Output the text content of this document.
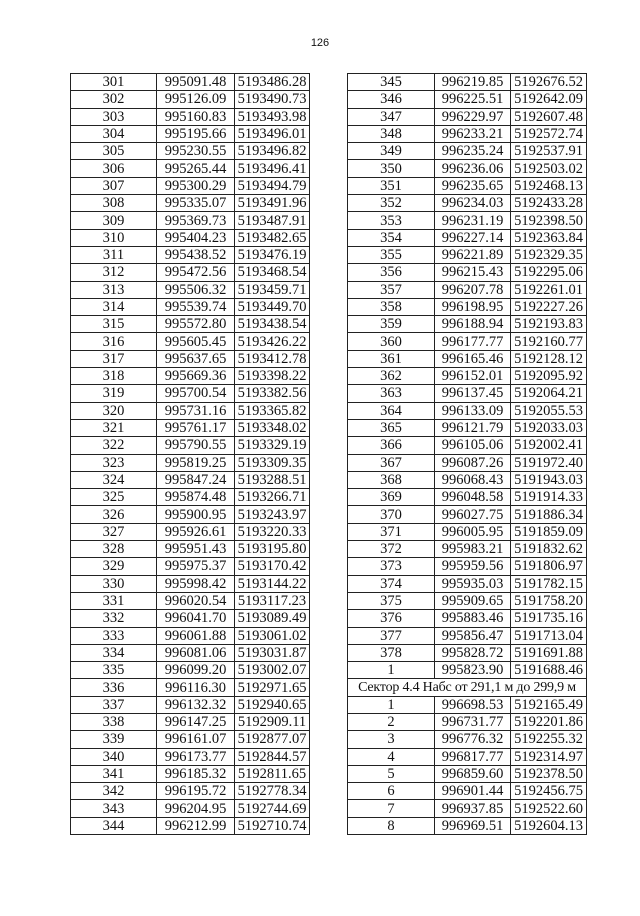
126
301	995091.48	5193486.28
302	995126.09	5193490.73
303	995160.83	5193493.98
304	995195.66	5193496.01
305	995230.55	5193496.82
306	995265.44	5193496.41
307	995300.29	5193494.79
308	995335.07	5193491.96
309	995369.73	5193487.91
310	995404.23	5193482.65
311	995438.52	5193476.19
312	995472.56	5193468.54
313	995506.32	5193459.71
314	995539.74	5193449.70
315	995572.80	5193438.54
316	995605.45	5193426.22
317	995637.65	5193412.78
318	995669.36	5193398.22
319	995700.54	5193382.56
320	995731.16	5193365.82
321	995761.17	5193348.02
322	995790.55	5193329.19
323	995819.25	5193309.35
324	995847.24	5193288.51
325	995874.48	5193266.71
326	995900.95	5193243.97
327	995926.61	5193220.33
328	995951.43	5193195.80
329	995975.37	5193170.42
330	995998.42	5193144.22
331	996020.54	5193117.23
332	996041.70	5193089.49
333	996061.88	5193061.02
334	996081.06	5193031.87
335	996099.20	5193002.07
336	996116.30	5192971.65
337	996132.32	5192940.65
338	996147.25	5192909.11
339	996161.07	5192877.07
340	996173.77	5192844.57
341	996185.32	5192811.65
342	996195.72	5192778.34
343	996204.95	5192744.69
344	996212.99	5192710.74
345	996219.85	5192676.52
346	996225.51	5192642.09
347	996229.97	5192607.48
348	996233.21	5192572.74
349	996235.24	5192537.91
350	996236.06	5192503.02
351	996235.65	5192468.13
352	996234.03	5192433.28
353	996231.19	5192398.50
354	996227.14	5192363.84
355	996221.89	5192329.35
356	996215.43	5192295.06
357	996207.78	5192261.01
358	996198.95	5192227.26
359	996188.94	5192193.83
360	996177.77	5192160.77
361	996165.46	5192128.12
362	996152.01	5192095.92
363	996137.45	5192064.21
364	996133.09	5192055.53
365	996121.79	5192033.03
366	996105.06	5192002.41
367	996087.26	5191972.40
368	996068.43	5191943.03
369	996048.58	5191914.33
370	996027.75	5191886.34
371	996005.95	5191859.09
372	995983.21	5191832.62
373	995959.56	5191806.97
374	995935.03	5191782.15
375	995909.65	5191758.20
376	995883.46	5191735.16
377	995856.47	5191713.04
378	995828.72	5191691.88
1	995823.90	5191688.46
Сектор 4.4 Набс от 291,1 м до 299,9 м		
1	996698.53	5192165.49
2	996731.77	5192201.86
3	996776.32	5192255.32
4	996817.77	5192314.97
5	996859.60	5192378.50
6	996901.44	5192456.75
7	996937.85	5192522.60
8	996969.51	5192604.13
